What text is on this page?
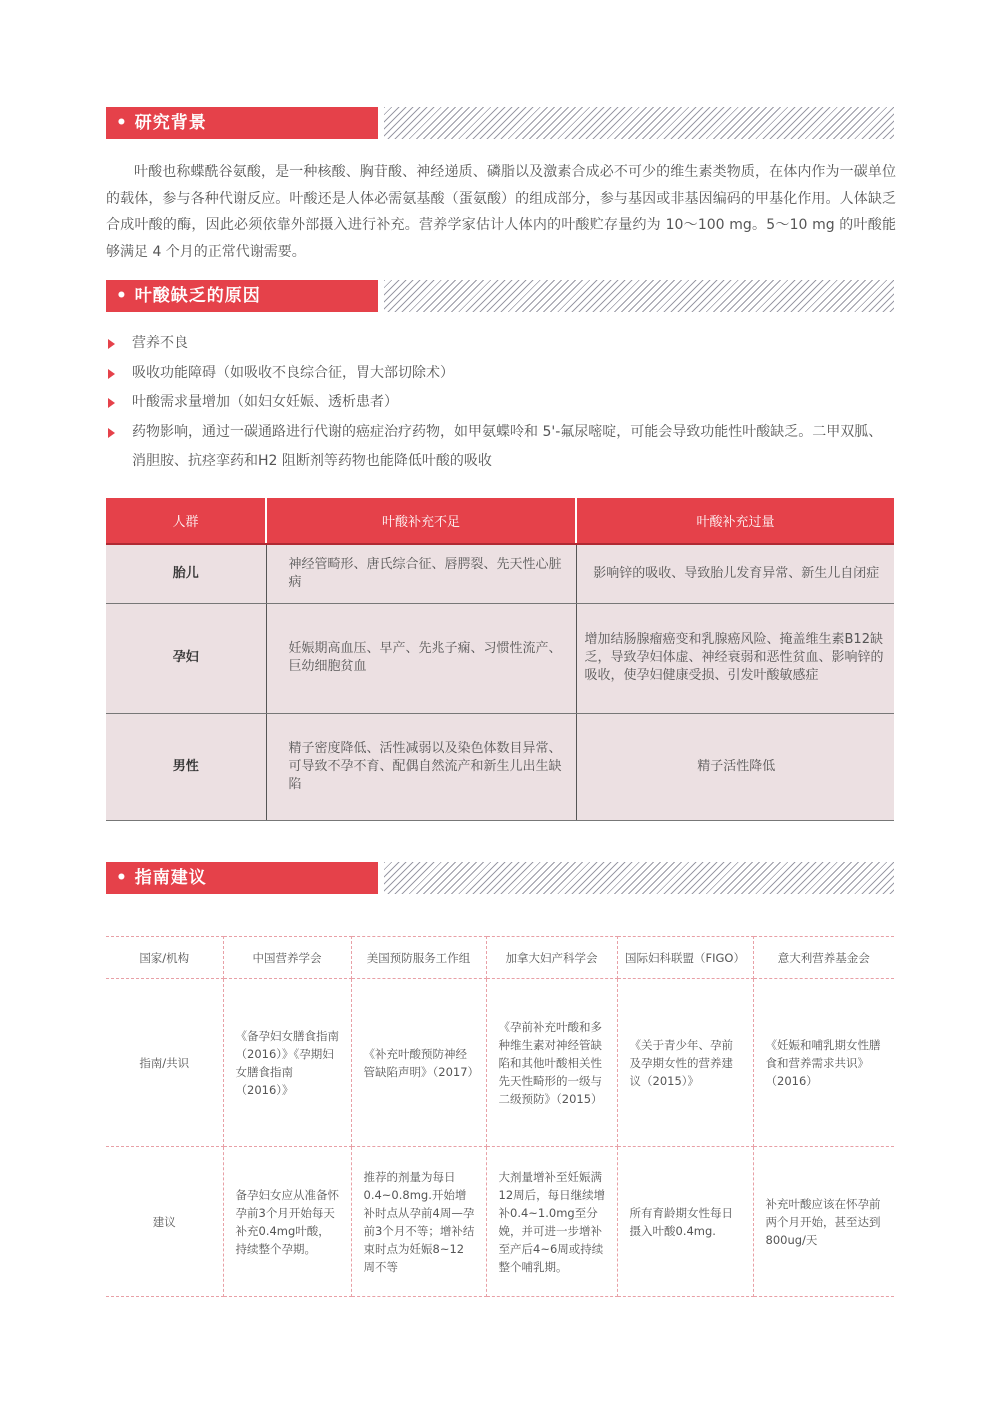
• 研究背景

叶酸也称蝶酰谷氨酸，是一种核酸、胸苷酸、神经递质、磷脂以及激素合成必不可少的维生素类物质，在体内作为一碳单位的载体，参与各种代谢反应。叶酸还是人体必需氨基酸（蛋氨酸）的组成部分，参与基因或非基因编码的甲基化作用。人体缺乏合成叶酸的酶，因此必须依靠外部摄入进行补充。营养学家估计人体内的叶酸贮存量约为 10～100 mg。5～10 mg 的叶酸能够满足 4 个月的正常代谢需要。

• 叶酸缺乏的原因
营养不良
吸收功能障碍（如吸收不良综合征，胃大部切除术）
叶酸需求量增加（如妇女妊娠、透析患者）
药物影响，通过一碳通路进行代谢的癌症治疗药物，如甲氨蝶呤和 5'-氟尿嘧啶，可能会导致功能性叶酸缺乏。二甲双胍、消胆胺、抗痉挛药和H2 阻断剂等药物也能降低叶酸的吸收
人群	叶酸补充不足	叶酸补充过量
胎儿	神经管畸形、唐氏综合征、唇腭裂、先天性心脏病	影响锌的吸收、导致胎儿发育异常、新生儿自闭症
孕妇	妊娠期高血压、早产、先兆子痫、习惯性流产、巨幼细胞贫血	增加结肠腺瘤癌变和乳腺癌风险、掩盖维生素B12缺乏，导致孕妇体虚、神经衰弱和恶性贫血、影响锌的吸收，使孕妇健康受损、引发叶酸敏感症
男性	精子密度降低、活性减弱以及染色体数目异常、可导致不孕不育、配偶自然流产和新生儿出生缺陷	精子活性降低
• 指南建议
国家/机构	中国营养学会	美国预防服务工作组	加拿大妇产科学会	国际妇科联盟（FIGO）	意大利营养基金会
指南/共识	《备孕妇女膳食指南（2016）》《孕期妇女膳食指南（2016）》	《补充叶酸预防神经管缺陷声明》（2017）	《孕前补充叶酸和多种维生素对神经管缺陷和其他叶酸相关性先天性畸形的一级与二级预防》（2015）	《关于青少年、孕前及孕期女性的营养建议（2015）》	《妊娠和哺乳期女性膳食和营养需求共识》（2016）
建议	备孕妇女应从准备怀孕前3个月开始每天补充0.4mg叶酸，持续整个孕期。	推荐的剂量为每日0.4~0.8mg.开始增补时点从孕前4周—孕前3个月不等；增补结束时点为妊娠8~12周不等	大剂量增补至妊娠满12周后，每日继续增补0.4~1.0mg至分娩，并可进一步增补至产后4~6周或持续整个哺乳期。	所有育龄期女性每日摄入叶酸0.4mg.	补充叶酸应该在怀孕前两个月开始，甚至达到800ug/天
